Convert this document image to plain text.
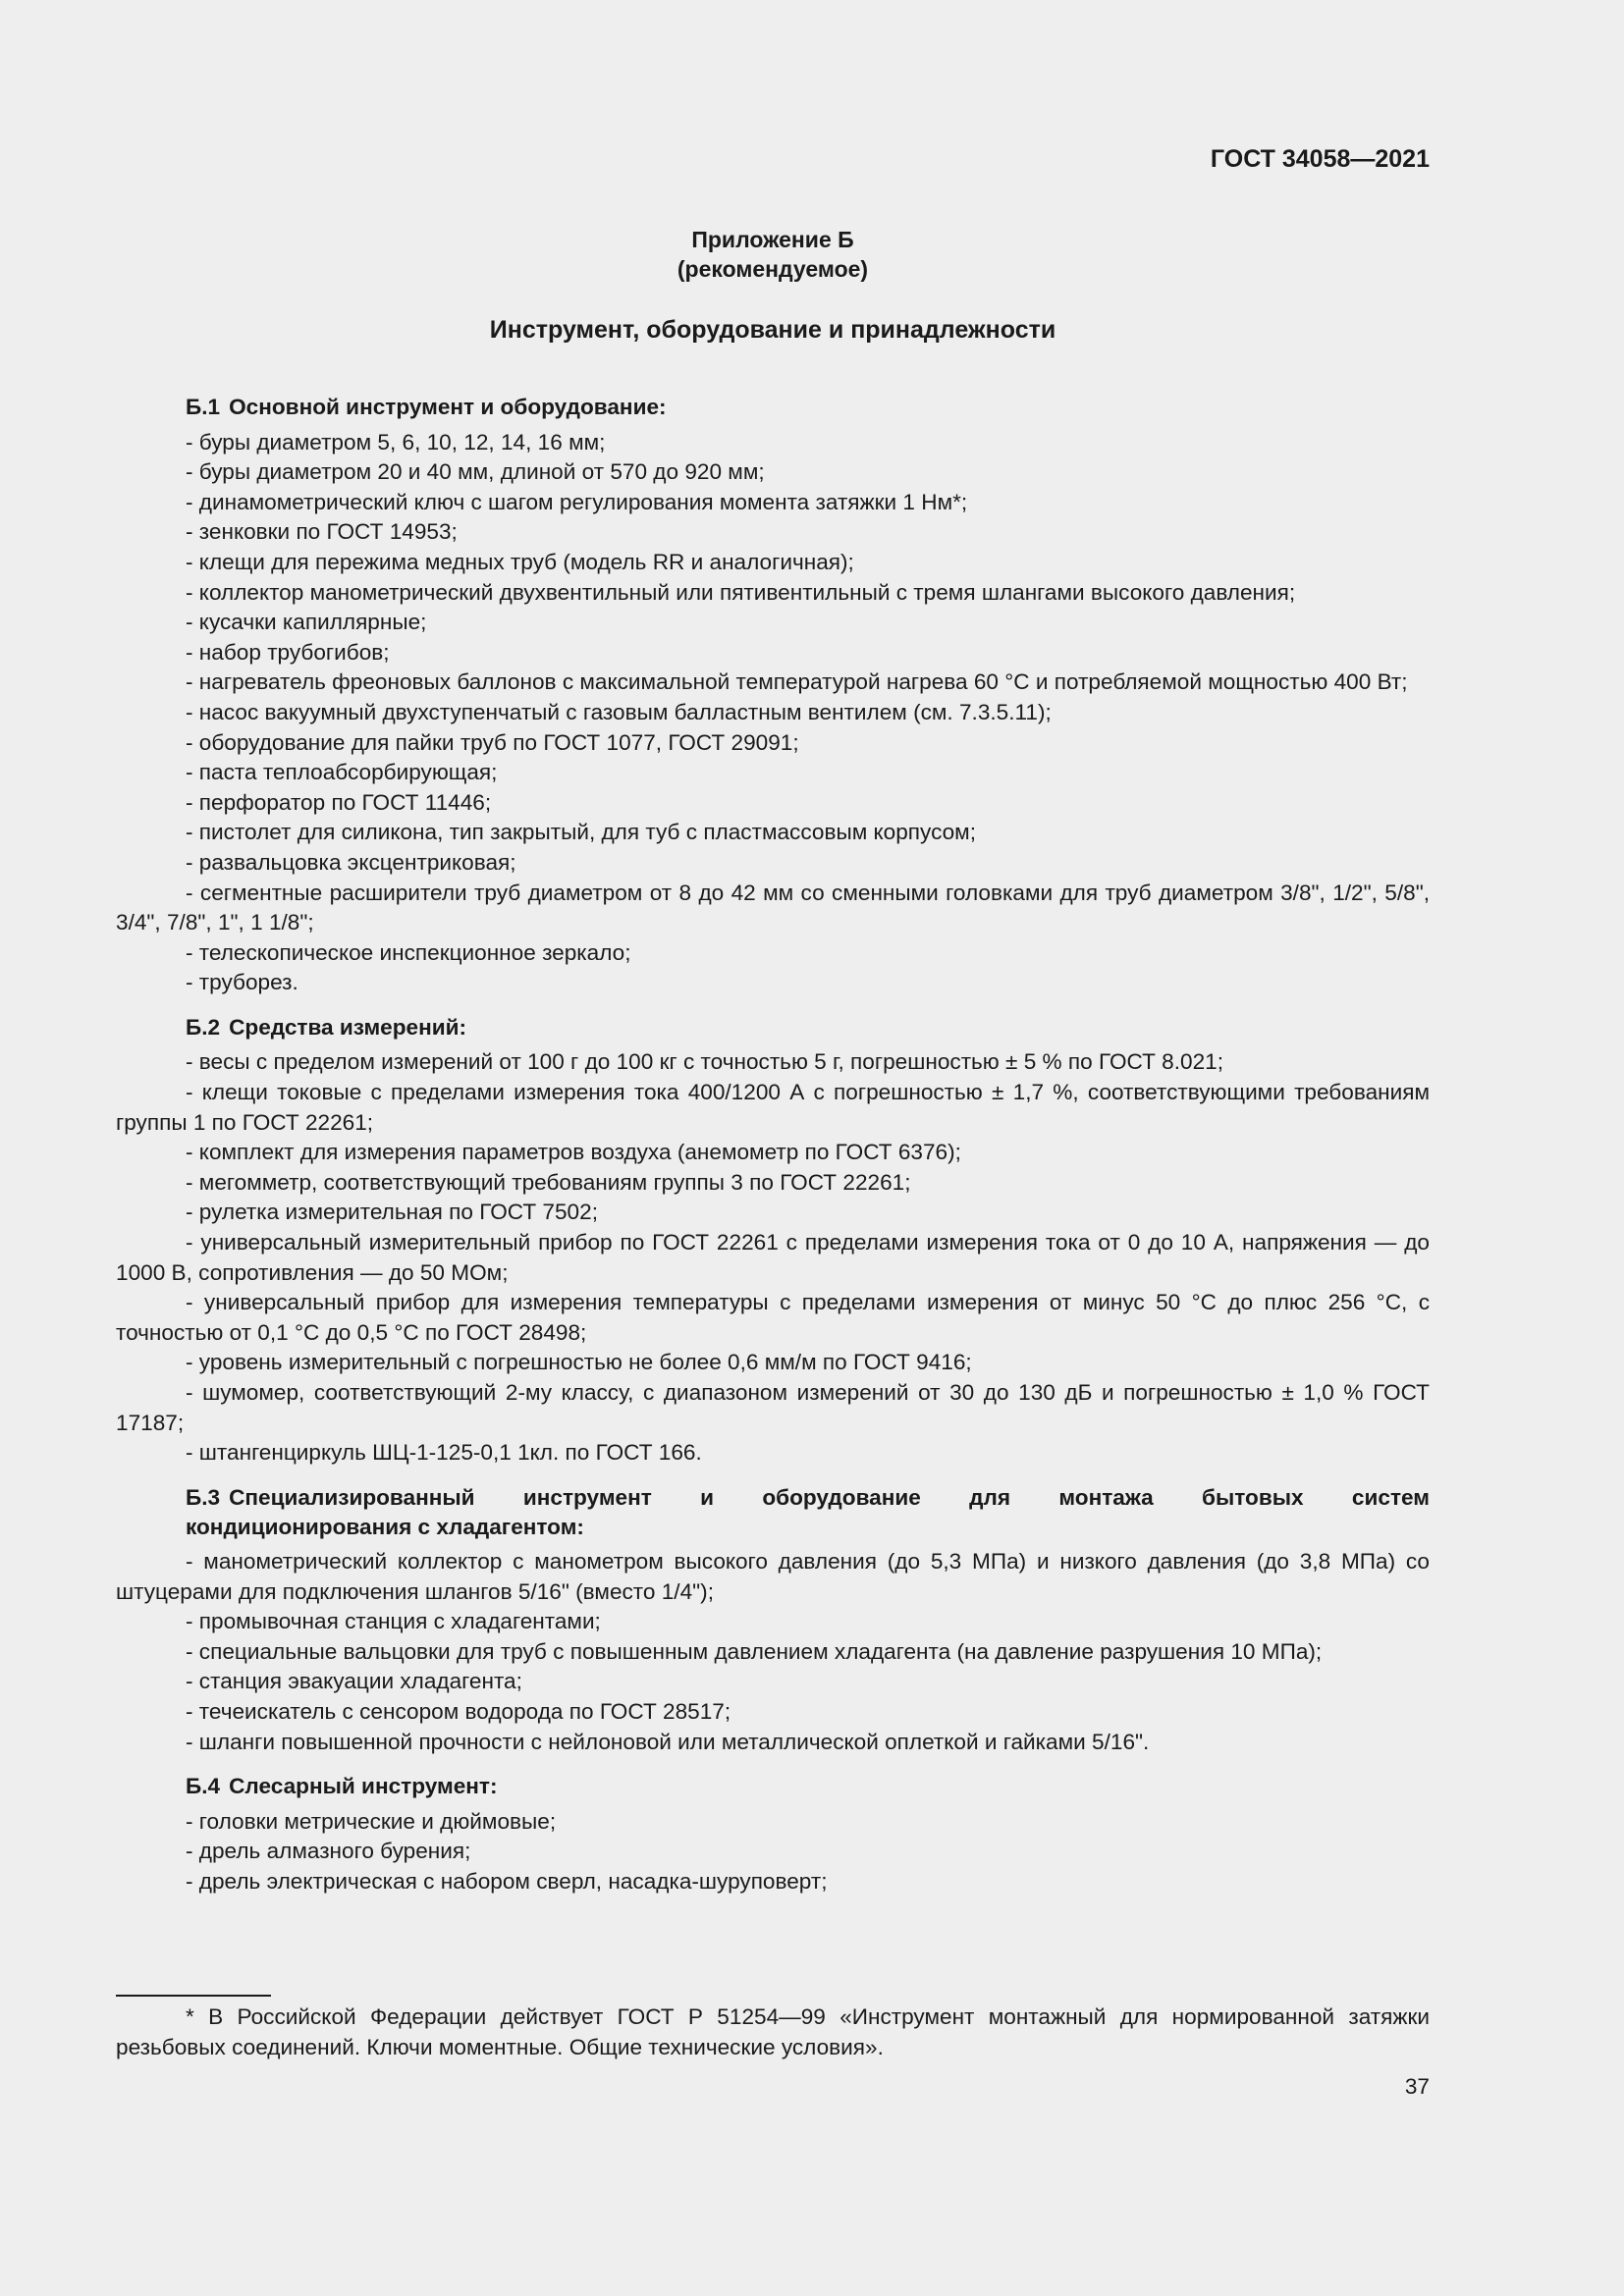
ГОСТ 34058—2021

Приложение Б
(рекомендуемое)

Инструмент, оборудование и принадлежности

Б.1 Основной инструмент и оборудование:

- буры диаметром 5, 6, 10, 12, 14, 16 мм;
- буры диаметром 20 и 40 мм, длиной от 570 до 920 мм;
- динамометрический ключ с шагом регулирования момента затяжки 1 Нм*;
- зенковки по ГОСТ 14953;
- клещи для пережима медных труб (модель RR и аналогичная);
- коллектор манометрический двухвентильный или пятивентильный с тремя шлангами высокого давления;
- кусачки капиллярные;
- набор трубогибов;
- нагреватель фреоновых баллонов с максимальной температурой нагрева 60 °С и потребляемой мощностью 400 Вт;
- насос вакуумный двухступенчатый с газовым балластным вентилем (см. 7.3.5.11);
- оборудование для пайки труб по ГОСТ 1077, ГОСТ 29091;
- паста теплоабсорбирующая;
- перфоратор по ГОСТ 11446;
- пистолет для силикона, тип закрытый, для туб с пластмассовым корпусом;
- развальцовка эксцентриковая;
- сегментные расширители труб диаметром от 8 до 42 мм со сменными головками для труб диаметром 3/8", 1/2", 5/8", 3/4", 7/8", 1", 1 1/8";
- телескопическое инспекционное зеркало;
- труборез.

Б.2 Средства измерений:

- весы с пределом измерений от 100 г до 100 кг с точностью 5 г, погрешностью ± 5 % по ГОСТ 8.021;
- клещи токовые с пределами измерения тока 400/1200 А с погрешностью ± 1,7 %, соответствующими требованиям группы 1 по ГОСТ 22261;
- комплект для измерения параметров воздуха (анемометр по ГОСТ 6376);
- мегомметр, соответствующий требованиям группы 3 по ГОСТ 22261;
- рулетка измерительная по ГОСТ 7502;
- универсальный измерительный прибор по ГОСТ 22261 с пределами измерения тока от 0 до 10 А, напряжения — до 1000 В, сопротивления — до 50 МОм;
- универсальный прибор для измерения температуры с пределами измерения от минус 50 °С до плюс 256 °С, с точностью от 0,1 °С до 0,5 °С по ГОСТ 28498;
- уровень измерительный с погрешностью не более 0,6 мм/м по ГОСТ 9416;
- шумомер, соответствующий 2-му классу, с диапазоном измерений от 30 до 130 дБ и погрешностью ± 1,0 % ГОСТ 17187;
- штангенциркуль ШЦ-1-125-0,1 1кл. по ГОСТ 166.

Б.3 Специализированный инструмент и оборудование для монтажа бытовых систем
кондиционирования с хладагентом:

- манометрический коллектор с манометром высокого давления (до 5,3 МПа) и низкого давления (до 3,8 МПа) со штуцерами для подключения шлангов 5/16" (вместо 1/4");
- промывочная станция с хладагентами;
- специальные вальцовки для труб с повышенным давлением хладагента (на давление разрушения 10 МПа);
- станция эвакуации хладагента;
- течеискатель с сенсором водорода по ГОСТ 28517;
- шланги повышенной прочности с нейлоновой или металлической оплеткой и гайками 5/16".

Б.4 Слесарный инструмент:

- головки метрические и дюймовые;
- дрель алмазного бурения;
- дрель электрическая с набором сверл, насадка-шуруповерт;

* В Российской Федерации действует ГОСТ Р 51254—99 «Инструмент монтажный для нормированной затяжки резьбовых соединений. Ключи моментные. Общие технические условия».

37
